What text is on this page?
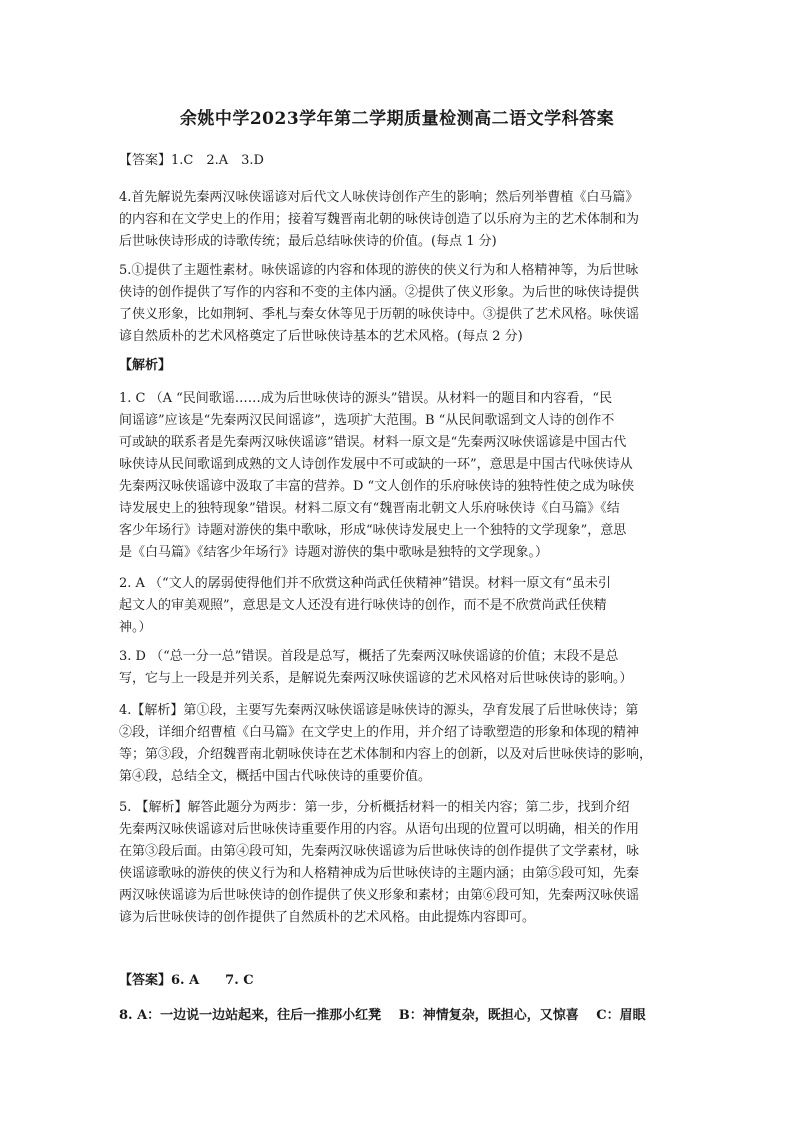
余姚中学2023学年第二学期质量检测高二语文学科答案

【答案】1.C　2.A　3.D

4.首先解说先秦两汉咏侠谣谚对后代文人咏侠诗创作产生的影响；然后列举曹植《白马篇》
的内容和在文学史上的作用；接着写魏晋南北朝的咏侠诗创造了以乐府为主的艺术体制和为
后世咏侠诗形成的诗歌传统；最后总结咏侠诗的价值。(每点 1 分)

5.①提供了主题性素材。咏侠谣谚的内容和体现的游侠的侠义行为和人格精神等，为后世咏
侠诗的创作提供了写作的内容和不变的主体内涵。②提供了侠义形象。为后世的咏侠诗提供
了侠义形象，比如荆轲、季札与秦女休等见于历朝的咏侠诗中。③提供了艺术风格。咏侠谣
谚自然质朴的艺术风格奠定了后世咏侠诗基本的艺术风格。(每点 2 分)

【解析】

1. C （A “民间歌谣……成为后世咏侠诗的源头”错误。从材料一的题目和内容看，“民
间谣谚”应该是“先秦两汉民间谣谚”，选项扩大范围。B “从民间歌谣到文人诗的创作不
可或缺的联系者是先秦两汉咏侠谣谚”错误。材料一原文是“先秦两汉咏侠谣谚是中国古代
咏侠诗从民间歌谣到成熟的文人诗创作发展中不可或缺的一环”，意思是中国古代咏侠诗从
先秦两汉咏侠谣谚中汲取了丰富的营养。D “文人创作的乐府咏侠诗的独特性使之成为咏侠
诗发展史上的独特现象”错误。材料二原文有“魏晋南北朝文人乐府咏侠诗《白马篇》《结
客少年场行》诗题对游侠的集中歌咏，形成“咏侠诗发展史上一个独特的文学现象”，意思
是《白马篇》《结客少年场行》诗题对游侠的集中歌咏是独特的文学现象。）

2. A （“文人的孱弱使得他们并不欣赏这种尚武任侠精神”错误。材料一原文有“虽未引
起文人的审美观照”，意思是文人还没有进行咏侠诗的创作，而不是不欣赏尚武任侠精
神。）

3. D （“总一分一总”错误。首段是总写，概括了先秦两汉咏侠谣谚的价值；末段不是总
写，它与上一段是并列关系，是解说先秦两汉咏侠谣谚的艺术风格对后世咏侠诗的影响。）

4.【解析】第①段，主要写先秦两汉咏侠谣谚是咏侠诗的源头，孕育发展了后世咏侠诗；第
②段，详细介绍曹植《白马篇》在文学史上的作用，并介绍了诗歌塑造的形象和体现的精神
等；第③段，介绍魏晋南北朝咏侠诗在艺术体制和内容上的创新，以及对后世咏侠诗的影响，
第④段，总结全文，概括中国古代咏侠诗的重要价值。

5. 【解析】解答此题分为两步：第一步，分析概括材料一的相关内容；第二步，找到介绍
先秦两汉咏侠谣谚对后世咏侠诗重要作用的内容。从语句出现的位置可以明确，相关的作用
在第③段后面。由第④段可知，先秦两汉咏侠谣谚为后世咏侠诗的创作提供了文学素材，咏
侠谣谚歌咏的游侠的侠义行为和人格精神成为后世咏侠诗的主题内涵；由第⑤段可知，先秦
两汉咏侠谣谚为后世咏侠诗的创作提供了侠义形象和素材；由第⑥段可知，先秦两汉咏侠谣
谚为后世咏侠诗的创作提供了自然质朴的艺术风格。由此提炼内容即可。

【答案】6. A　　7. C

8. A：一边说一边站起来，往后一推那小红凳　 B：神情复杂，既担心，又惊喜　 C：眉眼
